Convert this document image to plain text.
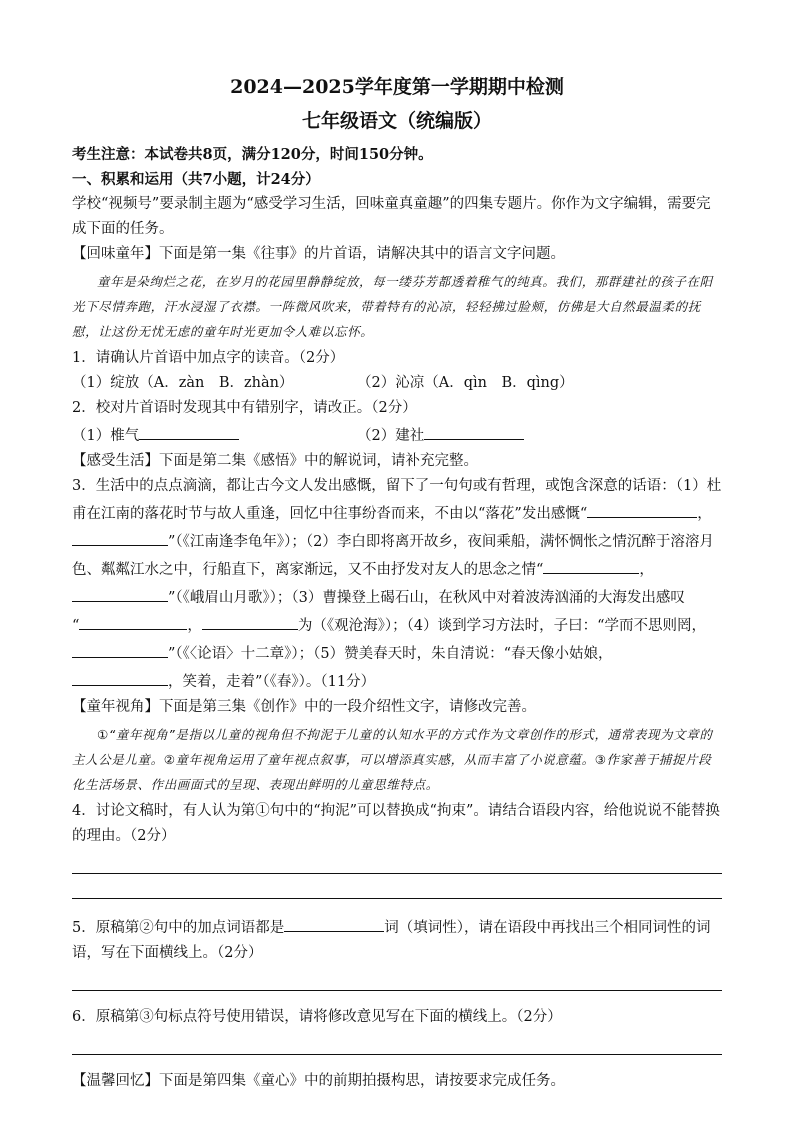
2024—2025学年度第一学期期中检测
七年级语文（统编版）

考生注意：本试卷共8页，满分120分，时间150分钟。

一、积累和运用（共7小题，计24分）

学校“视频号”要录制主题为“感受学习生活，回味童真童趣”的四集专题片。你作为文字编辑，需要完成下面的任务。

【回味童年】下面是第一集《往事》的片首语，请解决其中的语言文字问题。

童年是朵绚烂之花，在岁月的花园里静静绽放，每一缕芬芳都透着稚气的纯真。我们，那群建社的孩子在阳光下尽情奔跑，汗水浸湿了衣襟。一阵微风吹来，带着特有的沁凉，轻轻拂过脸颊，仿佛是大自然最温柔的抚慰，让这份无忧无虑的童年时光更加令人难以忘怀。

1．请确认片首语中加点字的读音。（2分）

（1）绽放（A．zàn　B．zhàn）	（2）沁凉（A．qìn　B．qìng）

2．校对片首语时发现其中有错别字，请改正。（2分）

（1）椎气	（2）建社

【感受生活】下面是第二集《感悟》中的解说词，请补充完整。

3．生活中的点点滴滴，都让古今文人发出感慨，留下了一句句或有哲理，或饱含深意的话语：（1）杜甫在江南的落花时节与故人重逢，回忆中往事纷沓而来，不由以“落花”发出感慨“	，
”（《江南逢李龟年》）；（2）李白即将离开故乡，夜间乘船，满怀惆怅之情沉醉于溶溶月色、粼粼江水之中，行船直下，离家渐远，又不由抒发对友人的思念之情“	，
”（《峨眉山月歌》）；（3）曹操登上碣石山，在秋风中对着波涛汹涌的大海发出感叹
“	，	为（《观沧海》）；（4）谈到学习方法时，子曰：“学而不思则罔，
”（《〈论语〉十二章》）；（5）赞美春天时，朱自清说：“春天像小姑娘，
，笑着，走着”（《春》）。（11分）

【童年视角】下面是第三集《创作》中的一段介绍性文字，请修改完善。

①“童年视角”是指以儿童的视角但不拘泥于儿童的认知水平的方式作为文章创作的形式，通常表现为文章的主人公是儿童。②童年视角运用了童年视点叙事，可以增添真实感，从而丰富了小说意蕴。③作家善于捕捉片段化生活场景、作出画面式的呈现、表现出鲜明的儿童思维特点。

4．讨论文稿时，有人认为第①句中的“拘泥”可以替换成“拘束”。请结合语段内容，给他说说不能替换的理由。（2分）

5．原稿第②句中的加点词语都是	词（填词性），请在语段中再找出三个相同词性的词语，写在下面横线上。（2分）

6．原稿第③句标点符号使用错误，请将修改意见写在下面的横线上。（2分）

【温馨回忆】下面是第四集《童心》中的前期拍摄构思，请按要求完成任务。
